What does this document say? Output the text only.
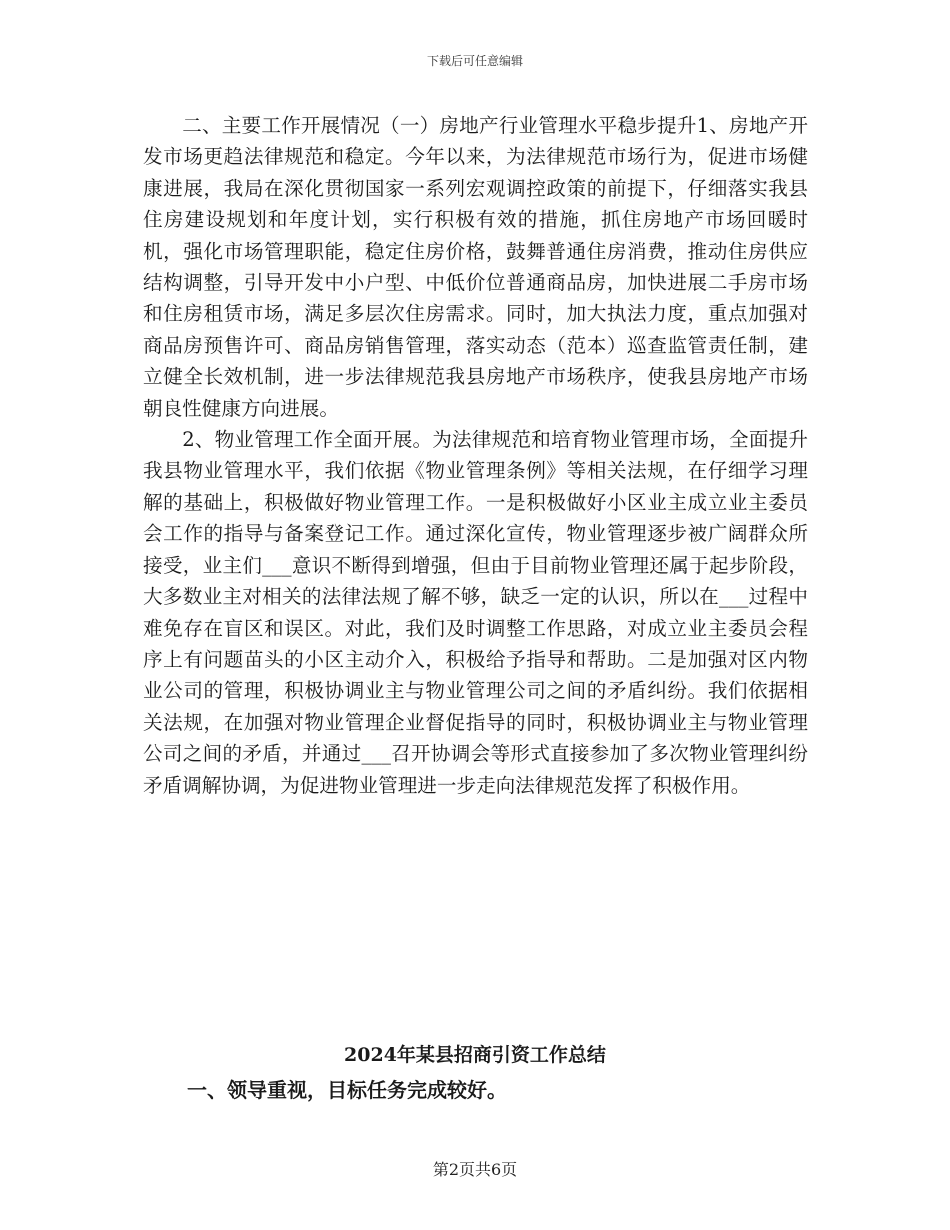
下载后可任意编辑

二、主要工作开展情况（一）房地产行业管理水平稳步提升1、房地产开发市场更趋法律规范和稳定。今年以来，为法律规范市场行为，促进市场健康进展，我局在深化贯彻国家一系列宏观调控政策的前提下，仔细落实我县住房建设规划和年度计划，实行积极有效的措施，抓住房地产市场回暖时机，强化市场管理职能，稳定住房价格，鼓舞普通住房消费，推动住房供应结构调整，引导开发中小户型、中低价位普通商品房，加快进展二手房市场和住房租赁市场，满足多层次住房需求。同时，加大执法力度，重点加强对商品房预售许可、商品房销售管理，落实动态（范本）巡查监管责任制，建立健全长效机制，进一步法律规范我县房地产市场秩序，使我县房地产市场朝良性健康方向进展。

2、物业管理工作全面开展。为法律规范和培育物业管理市场，全面提升我县物业管理水平，我们依据《物业管理条例》等相关法规，在仔细学习理解的基础上，积极做好物业管理工作。一是积极做好小区业主成立业主委员会工作的指导与备案登记工作。通过深化宣传，物业管理逐步被广阔群众所接受，业主们___意识不断得到增强，但由于目前物业管理还属于起步阶段，大多数业主对相关的法律法规了解不够，缺乏一定的认识，所以在___过程中难免存在盲区和误区。对此，我们及时调整工作思路，对成立业主委员会程序上有问题苗头的小区主动介入，积极给予指导和帮助。二是加强对区内物业公司的管理，积极协调业主与物业管理公司之间的矛盾纠纷。我们依据相关法规，在加强对物业管理企业督促指导的同时，积极协调业主与物业管理公司之间的矛盾，并通过___召开协调会等形式直接参加了多次物业管理纠纷矛盾调解协调，为促进物业管理进一步走向法律规范发挥了积极作用。

2024年某县招商引资工作总结
一、领导重视，目标任务完成较好。
第2页共6页
